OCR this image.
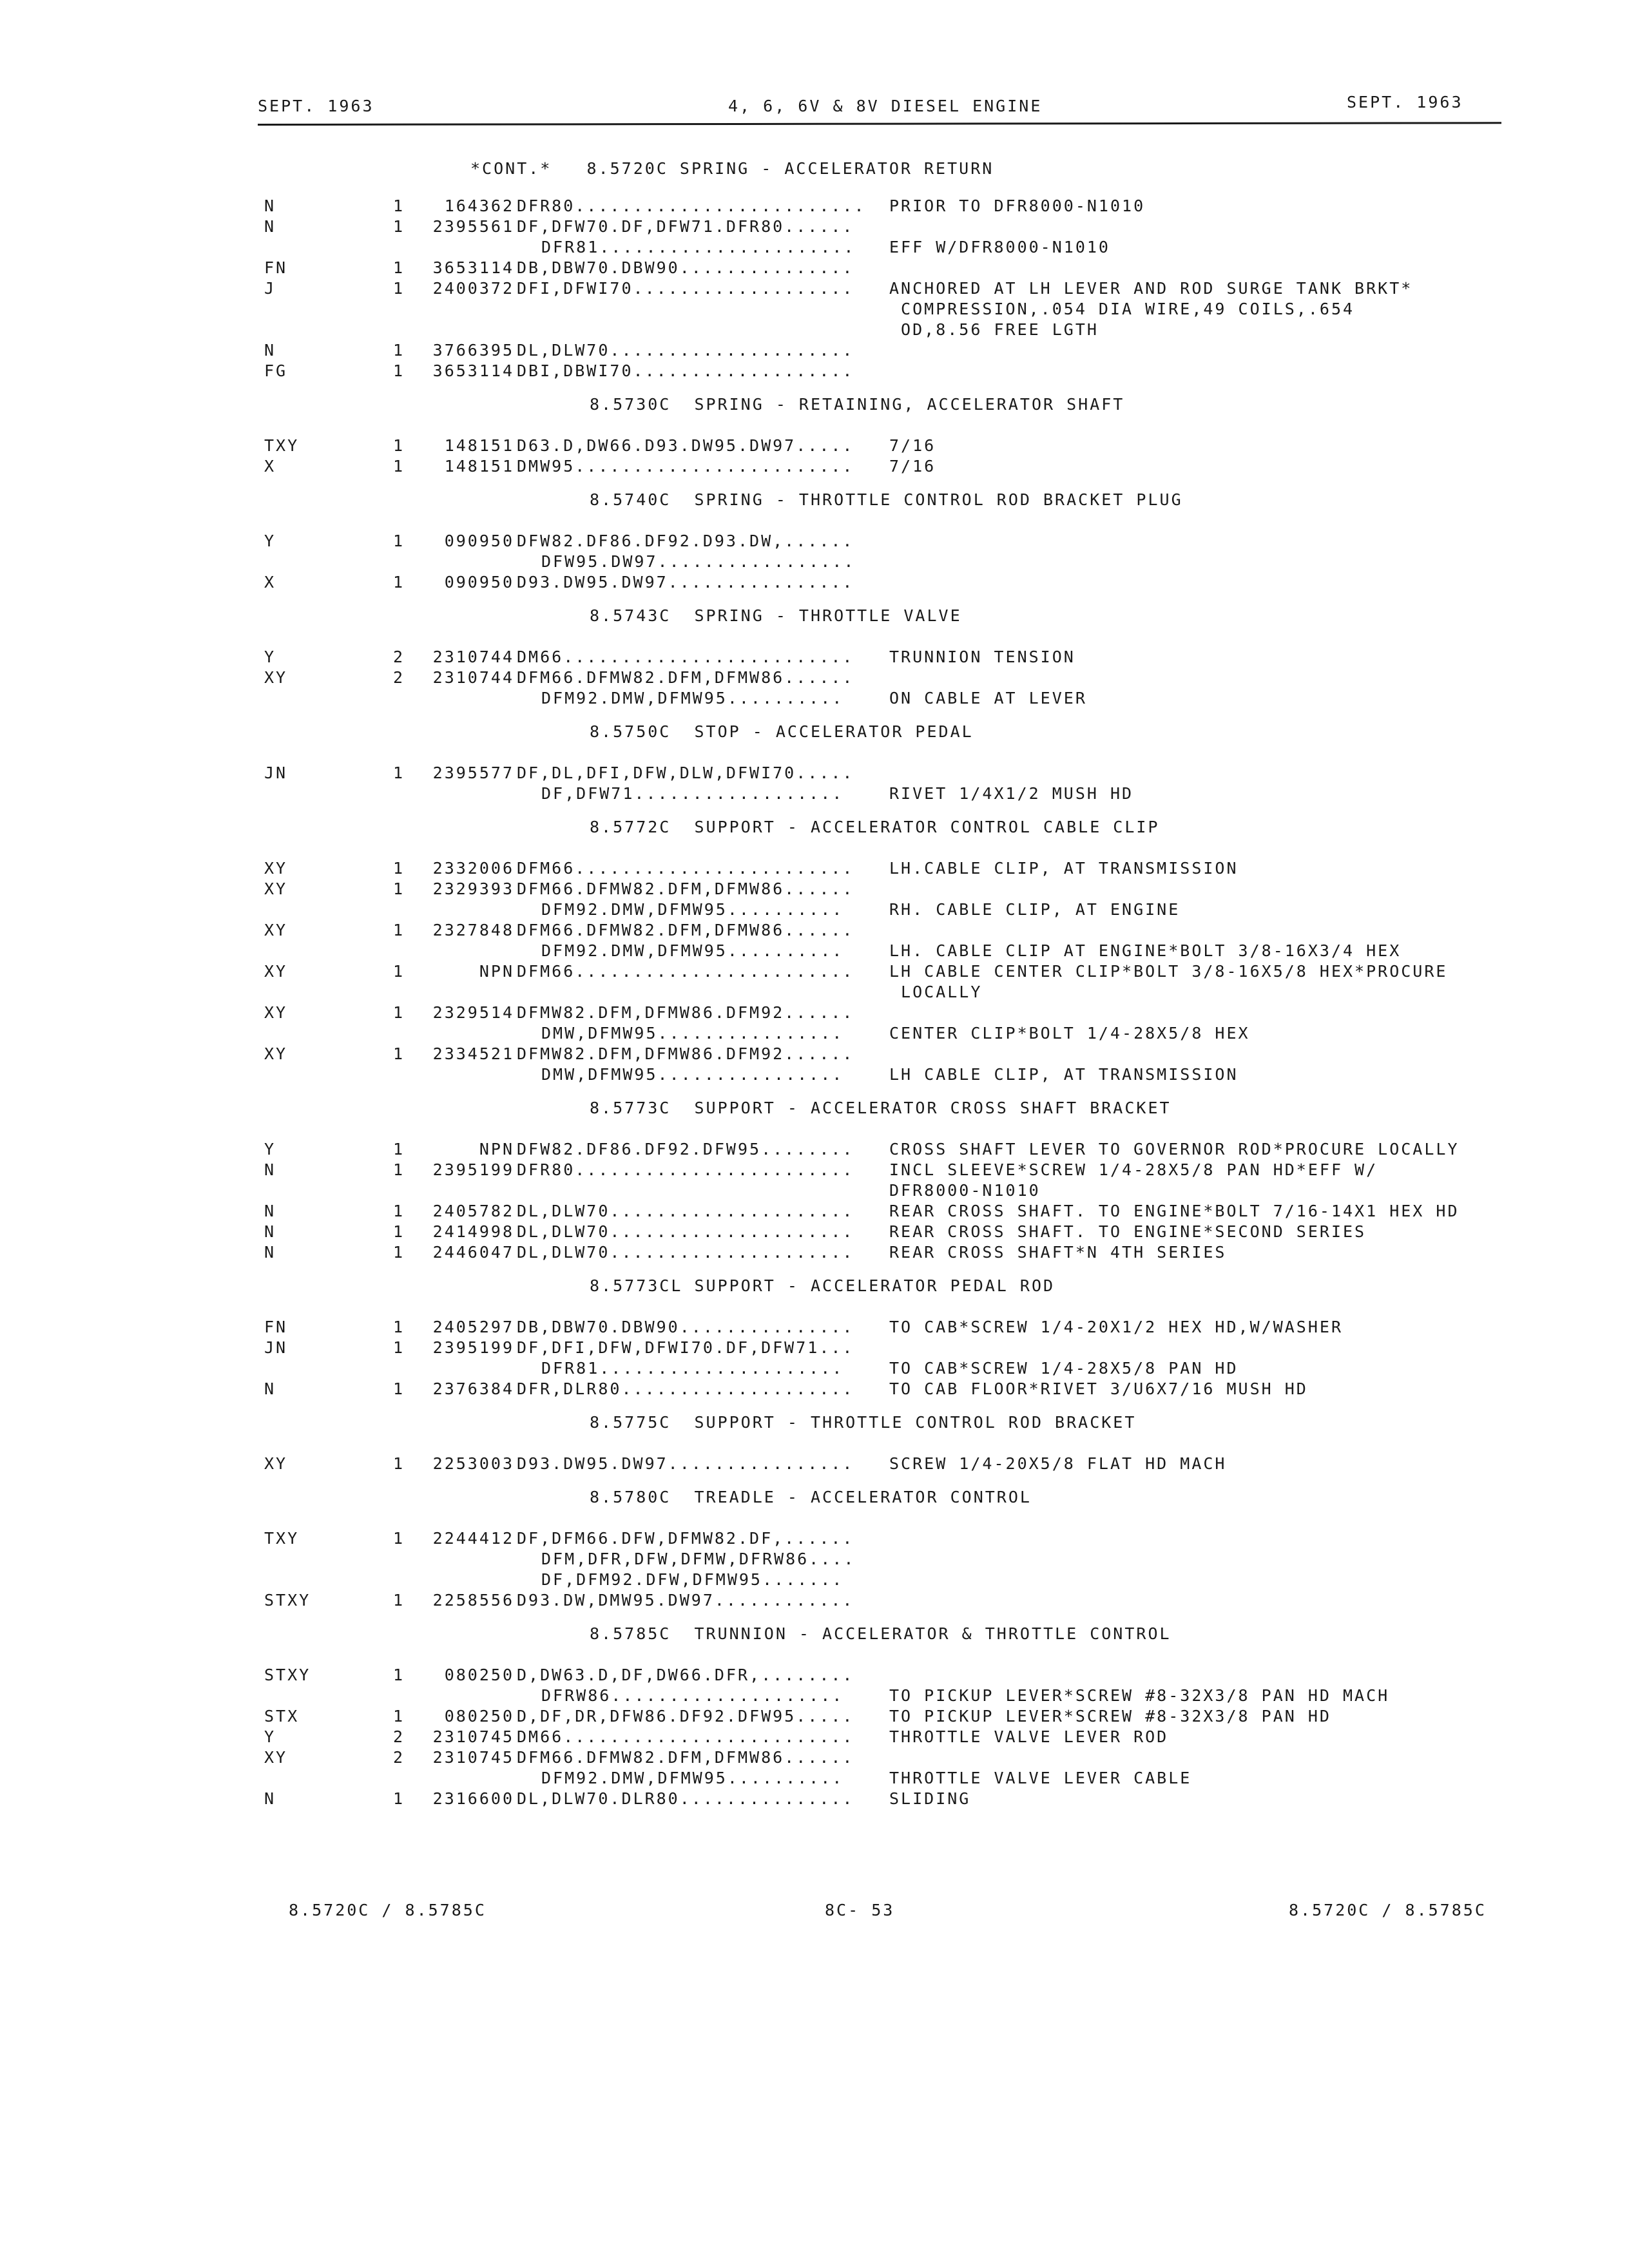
SEPT. 1963	4, 6, 6V & 8V DIESEL ENGINE	SEPT. 1963
*CONT.*   8.5720C SPRING - ACCELERATOR RETURN
N	1 164362 DFR80......................... PRIOR TO DFR8000-N1010
N	1 2395561 DF,DFW70.DF,DFW71.DFR80......
DFR81...................... EFF W/DFR8000-N1010
FN	1 3653114 DB,DBW70.DBW90...............
J	1 2400372 DFI,DFWI70................... ANCHORED AT LH LEVER AND ROD SURGE TANK BRKT*
COMPRESSION,.054 DIA WIRE,49 COILS,.654
OD,8.56 FREE LGTH
N	1 3766395 DL,DLW70.....................
FG	1 3653114 DBI,DBWI70...................
8.5730C  SPRING - RETAINING, ACCELERATOR SHAFT
TXY	1 148151 D63.D,DW66.D93.DW95.DW97..... 7/16
X	1 148151 DMW95........................ 7/16
8.5740C  SPRING - THROTTLE CONTROL ROD BRACKET PLUG
Y	1 090950 DFW82.DF86.DF92.D93.DW,......
DFW95.DW97.................
X	1 090950 D93.DW95.DW97................
8.5743C  SPRING - THROTTLE VALVE
Y	2 2310744 DM66......................... TRUNNION TENSION
XY	2 2310744 DFM66.DFMW82.DFM,DFMW86......
DFM92.DMW,DFMW95..........	ON CABLE AT LEVER
8.5750C  STOP - ACCELERATOR PEDAL
JN	1 2395577 DF,DL,DFI,DFW,DLW,DFWI70.....
DF,DFW71..................	RIVET 1/4X1/2 MUSH HD
8.5772C  SUPPORT - ACCELERATOR CONTROL CABLE CLIP
XY	1 2332006 DFM66........................ LH.CABLE CLIP, AT TRANSMISSION
XY	1 2329393 DFM66.DFMW82.DFM,DFMW86......
DFM92.DMW,DFMW95..........	RH. CABLE CLIP, AT ENGINE
XY	1 2327848 DFM66.DFMW82.DFM,DFMW86......
DFM92.DMW,DFMW95..........	LH. CABLE CLIP AT ENGINE*BOLT 3/8-16X3/4 HEX
XY	1	NPN DFM66........................ LH CABLE CENTER CLIP*BOLT 3/8-16X5/8 HEX*PROCURE
LOCALLY
XY	1 2329514 DFMW82.DFM,DFMW86.DFM92......
DMW,DFMW95................	CENTER CLIP*BOLT 1/4-28X5/8 HEX
XY	1 2334521 DFMW82.DFM,DFMW86.DFM92......
DMW,DFMW95................	LH CABLE CLIP, AT TRANSMISSION
8.5773C  SUPPORT - ACCELERATOR CROSS SHAFT BRACKET
Y	1	NPN DFW82.DF86.DF92.DFW95........ CROSS SHAFT LEVER TO GOVERNOR ROD*PROCURE LOCALLY
N	1 2395199 DFR80........................ INCL SLEEVE*SCREW 1/4-28X5/8 PAN HD*EFF W/
DFR8000-N1010
N	1 2405782 DL,DLW70..................... REAR CROSS SHAFT. TO ENGINE*BOLT 7/16-14X1 HEX HD
N	1 2414998 DL,DLW70..................... REAR CROSS SHAFT. TO ENGINE*SECOND SERIES
N	1 2446047 DL,DLW70..................... REAR CROSS SHAFT*N 4TH SERIES
8.5773CL SUPPORT - ACCELERATOR PEDAL ROD
FN	1 2405297 DB,DBW70.DBW90............... TO CAB*SCREW 1/4-20X1/2 HEX HD,W/WASHER
JN	1 2395199 DF,DFI,DFW,DFWI70.DF,DFW71...
DFR81.....................	TO CAB*SCREW 1/4-28X5/8 PAN HD
N	1 2376384 DFR,DLR80.................... TO CAB FLOOR*RIVET 3/U6X7/16 MUSH HD
8.5775C  SUPPORT - THROTTLE CONTROL ROD BRACKET
XY	1 2253003 D93.DW95.DW97................ SCREW 1/4-20X5/8 FLAT HD MACH
8.5780C  TREADLE - ACCELERATOR CONTROL
TXY	1 2244412 DF,DFM66.DFW,DFMW82.DF,......
DFM,DFR,DFW,DFMW,DFRW86....
DF,DFM92.DFW,DFMW95.......
STXY	1 2258556 D93.DW,DMW95.DW97............
8.5785C  TRUNNION - ACCELERATOR & THROTTLE CONTROL
STXY	1 080250 D,DW63.D,DF,DW66.DFR,........
DFRW86....................	TO PICKUP LEVER*SCREW #8-32X3/8 PAN HD MACH
STX	1 080250 D,DF,DR,DFW86.DF92.DFW95..... TO PICKUP LEVER*SCREW #8-32X3/8 PAN HD
Y	2 2310745 DM66......................... THROTTLE VALVE LEVER ROD
XY	2 2310745 DFM66.DFMW82.DFM,DFMW86......
DFM92.DMW,DFMW95..........	THROTTLE VALVE LEVER CABLE
N	1 2316600 DL,DLW70.DLR80............... SLIDING
8.5720C / 8.5785C	8C- 53	8.5720C / 8.5785C
